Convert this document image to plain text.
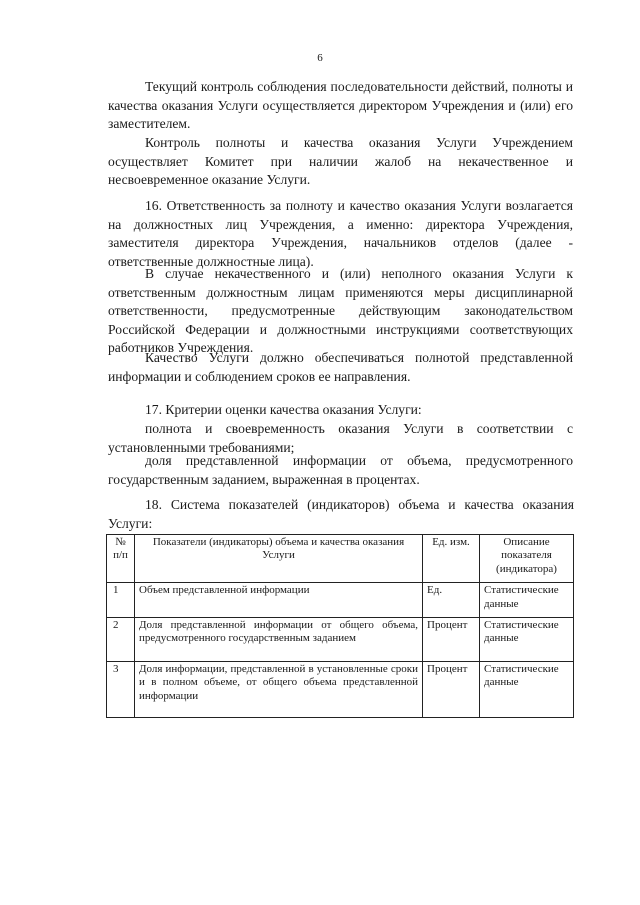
6

Текущий контроль соблюдения последовательности действий, полноты и качества оказания Услуги осуществляется директором Учреждения и (или) его заместителем.

Контроль полноты и качества оказания Услуги Учреждением осуществляет Комитет при наличии жалоб на некачественное и несвоевременное оказание Услуги.

16. Ответственность за полноту и качество оказания Услуги возлагается на должностных лиц Учреждения, а именно: директора Учреждения, заместителя директора Учреждения, начальников отделов (далее - ответственные должностные лица).

В случае некачественного и (или) неполного оказания Услуги к ответственным должностным лицам применяются меры дисциплинарной ответственности, предусмотренные действующим законодательством Российской Федерации и должностными инструкциями соответствующих работников Учреждения.

Качество Услуги должно обеспечиваться полнотой представленной информации и соблюдением сроков ее направления.

17. Критерии оценки качества оказания Услуги:

полнота и своевременность оказания Услуги в соответствии с установленными требованиями;

доля представленной информации от объема, предусмотренного государственным заданием, выраженная в процентах.

18. Система показателей (индикаторов) объема и качества оказания Услуги:

№ п/п	Показатели (индикаторы) объема и качества оказания Услуги	Ед. изм.	Описание показателя (индикатора)
1	Объем представленной информации	Ед.	Статистические данные
2	Доля представленной информации от общего объема, предусмотренного государственным заданием	Процент	Статистические данные
3	Доля информации, представленной в установленные сроки и в полном объеме, от общего объема представленной информации	Процент	Статистические данные
